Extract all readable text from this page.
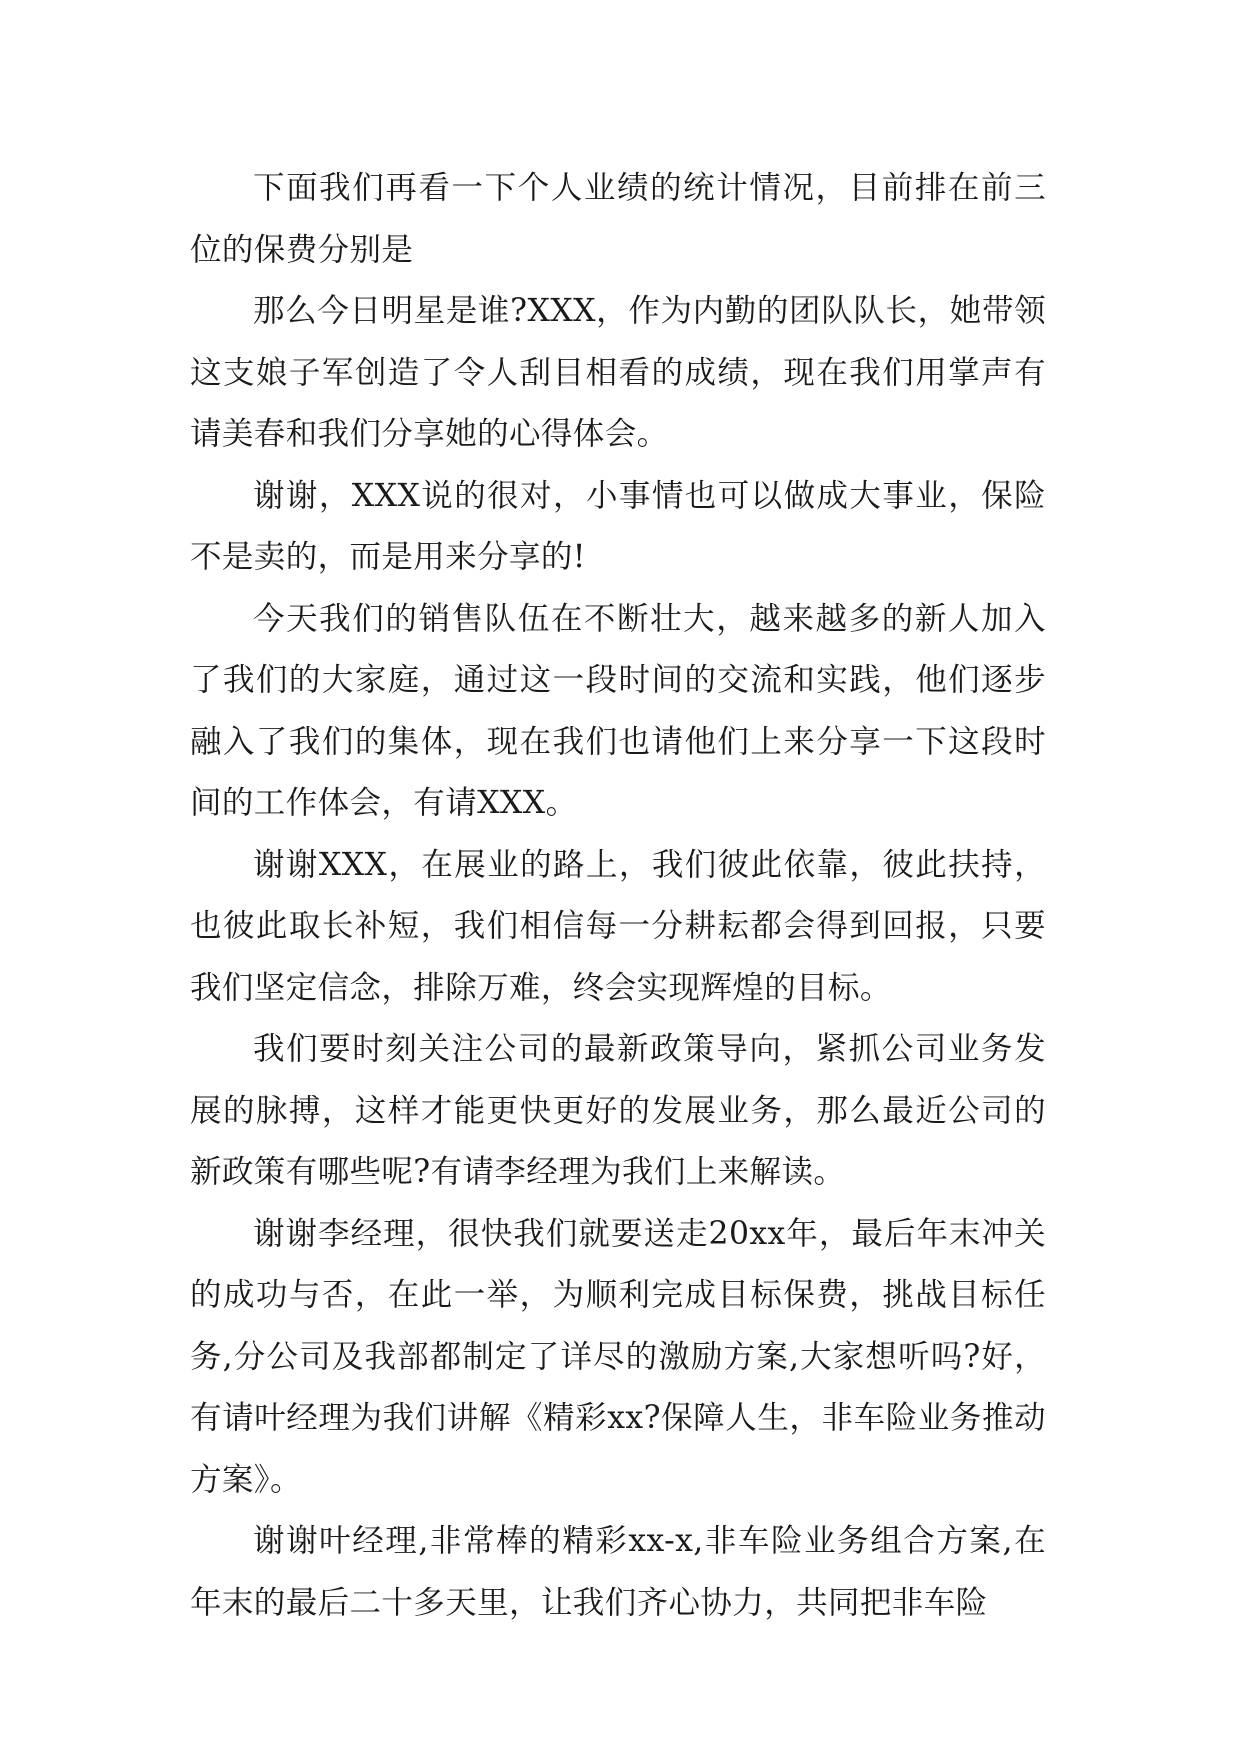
下面我们再看一下个人业绩的统计情况，目前排在前三位的保费分别是

那么今日明星是谁?XXX，作为内勤的团队队长，她带领这支娘子军创造了令人刮目相看的成绩，现在我们用掌声有请美春和我们分享她的心得体会。

谢谢，XXX说的很对，小事情也可以做成大事业，保险不是卖的，而是用来分享的!

今天我们的销售队伍在不断壮大，越来越多的新人加入了我们的大家庭，通过这一段时间的交流和实践，他们逐步融入了我们的集体，现在我们也请他们上来分享一下这段时间的工作体会，有请XXX。

谢谢XXX，在展业的路上，我们彼此依靠，彼此扶持，也彼此取长补短，我们相信每一分耕耘都会得到回报，只要我们坚定信念，排除万难，终会实现辉煌的目标。

我们要时刻关注公司的最新政策导向，紧抓公司业务发展的脉搏，这样才能更快更好的发展业务，那么最近公司的新政策有哪些呢?有请李经理为我们上来解读。

谢谢李经理，很快我们就要送走20xx年，最后年末冲关的成功与否，在此一举，为顺利完成目标保费，挑战目标任务,分公司及我部都制定了详尽的激励方案,大家想听吗?好，有请叶经理为我们讲解《精彩xx?保障人生，非车险业务推动方案》。

谢谢叶经理,非常棒的精彩xx-x,非车险业务组合方案,在年末的最后二十多天里，让我们齐心协力，共同把非车险
